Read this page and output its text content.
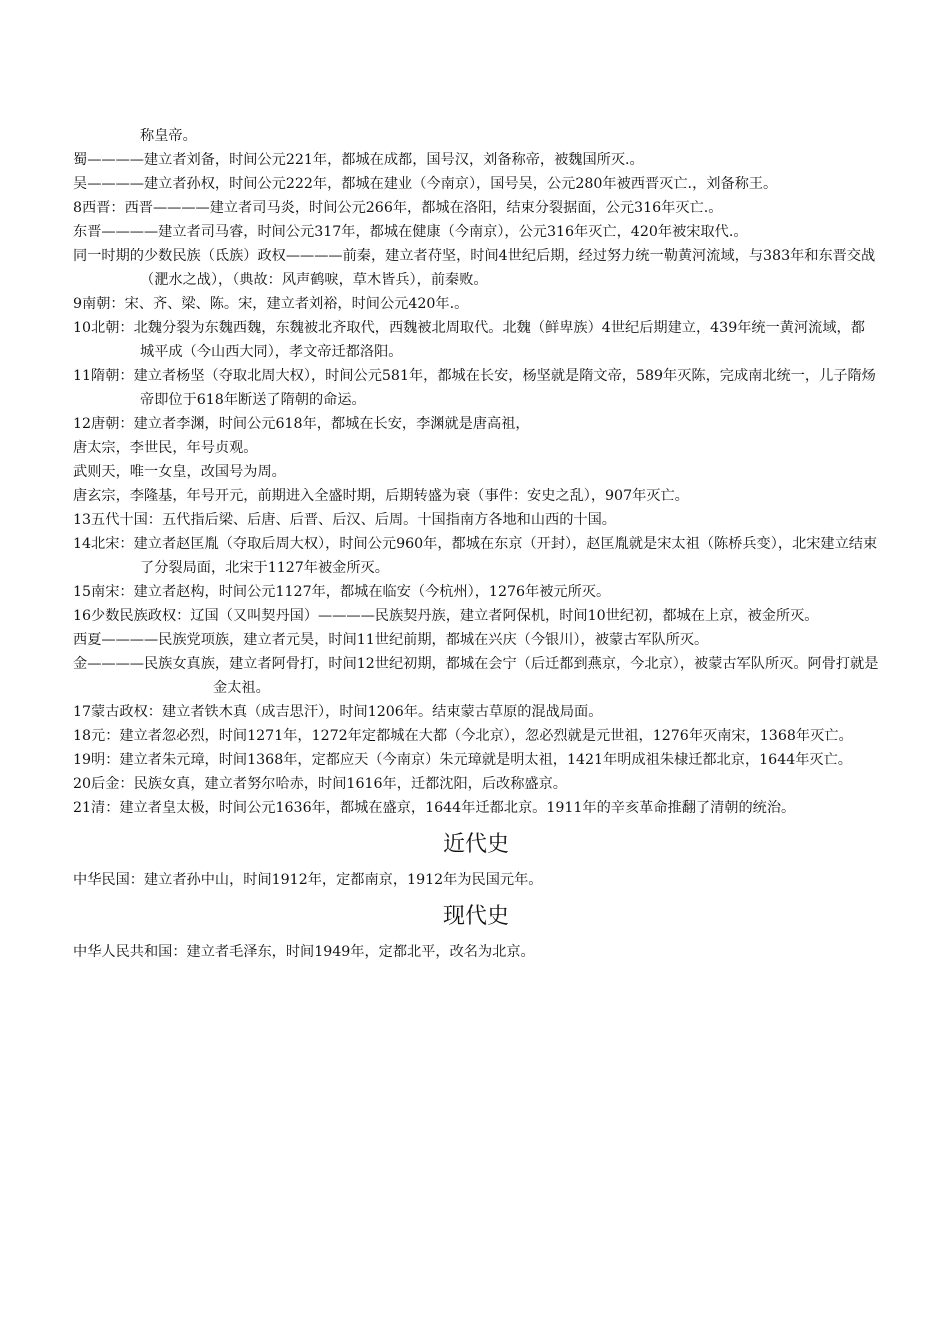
称皇帝。

蜀————建立者刘备，时间公元221年，都城在成都，国号汉，刘备称帝，被魏国所灭.。

吴————建立者孙权，时间公元222年，都城在建业（今南京），国号吴，公元280年被西晋灭亡.，刘备称王。

8西晋：西晋————建立者司马炎，时间公元266年，都城在洛阳，结束分裂据面，公元316年灭亡.。

东晋————建立者司马睿，时间公元317年，都城在健康（今南京），公元316年灭亡，420年被宋取代.。

同一时期的少数民族（氐族）政权————前秦，建立者苻坚，时间4世纪后期，经过努力统一勒黄河流域，与383年和东晋交战（淝水之战），（典故：风声鹤唳，草木皆兵），前秦败。

9南朝：宋、齐、梁、陈。宋，建立者刘裕，时间公元420年.。

10北朝：北魏分裂为东魏西魏，东魏被北齐取代，西魏被北周取代。北魏（鲜卑族）4世纪后期建立，439年统一黄河流域，都城平成（今山西大同），孝文帝迁都洛阳。

11隋朝：建立者杨坚（夺取北周大权），时间公元581年，都城在长安，杨坚就是隋文帝，589年灭陈，完成南北统一，儿子隋炀帝即位于618年断送了隋朝的命运。

12唐朝：建立者李渊，时间公元618年，都城在长安，李渊就是唐高祖，

唐太宗，李世民，年号贞观。

武则天，唯一女皇，改国号为周。

唐玄宗，李隆基，年号开元，前期进入全盛时期，后期转盛为衰（事件：安史之乱），907年灭亡。

13五代十国：五代指后梁、后唐、后晋、后汉、后周。十国指南方各地和山西的十国。

14北宋：建立者赵匡胤（夺取后周大权），时间公元960年，都城在东京（开封），赵匡胤就是宋太祖（陈桥兵变），北宋建立结束了分裂局面，北宋于1127年被金所灭。

15南宋：建立者赵构，时间公元1127年，都城在临安（今杭州），1276年被元所灭。

16少数民族政权：辽国（又叫契丹国）————民族契丹族，建立者阿保机，时间10世纪初，都城在上京，被金所灭。

西夏————民族党项族，建立者元昊，时间11世纪前期，都城在兴庆（今银川），被蒙古军队所灭。

金————民族女真族，建立者阿骨打，时间12世纪初期，都城在会宁（后迁都到燕京，今北京），被蒙古军队所灭。阿骨打就是金太祖。

17蒙古政权：建立者铁木真（成吉思汗），时间1206年。结束蒙古草原的混战局面。

18元：建立者忽必烈，时间1271年，1272年定都城在大都（今北京），忽必烈就是元世祖，1276年灭南宋，1368年灭亡。

19明：建立者朱元璋，时间1368年，定都应天（今南京）朱元璋就是明太祖，1421年明成祖朱棣迁都北京，1644年灭亡。

20后金：民族女真，建立者努尔哈赤，时间1616年，迁都沈阳，后改称盛京。

21清：建立者皇太极，时间公元1636年，都城在盛京，1644年迁都北京。1911年的辛亥革命推翻了清朝的统治。

近代史

中华民国：建立者孙中山，时间1912年，定都南京，1912年为民国元年。

现代史

中华人民共和国：建立者毛泽东，时间1949年，定都北平，改名为北京。
